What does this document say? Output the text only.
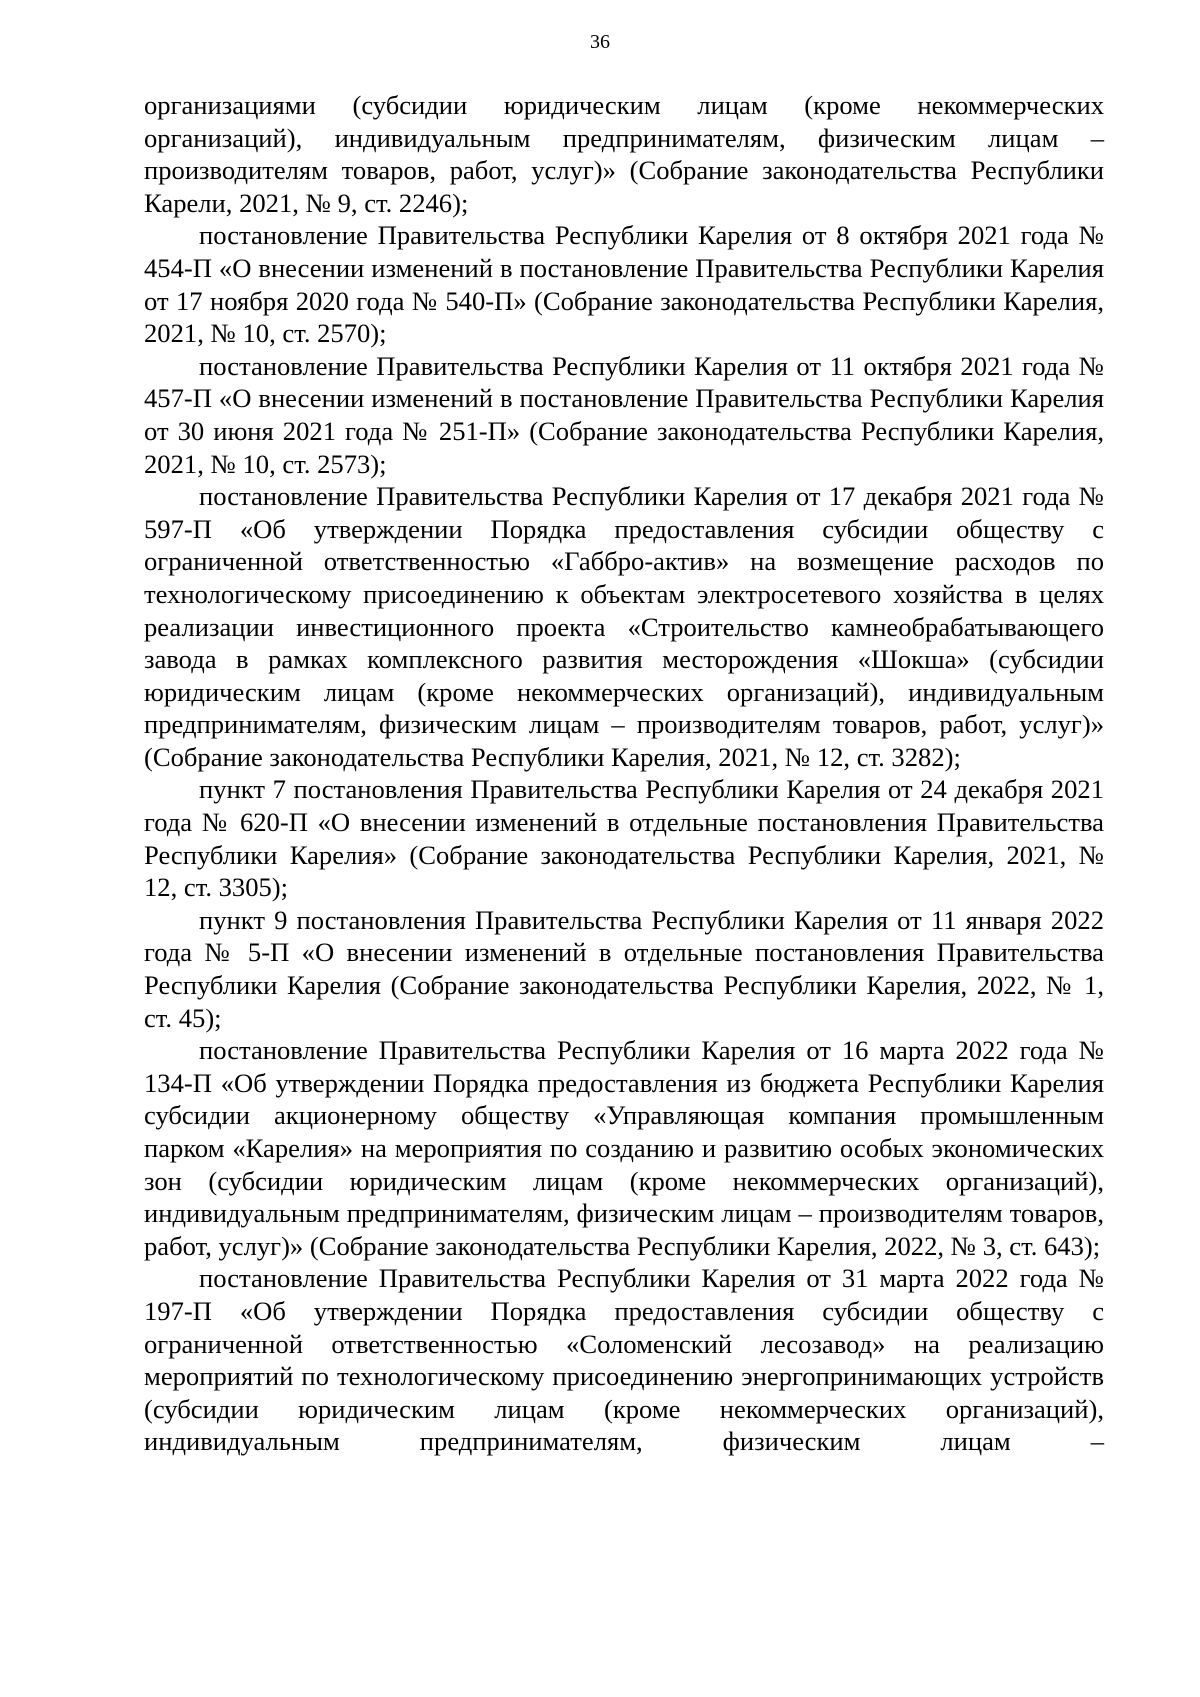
36

организациями (субсидии юридическим лицам (кроме некоммерческих организаций), индивидуальным предпринимателям, физическим лицам – производителям товаров, работ, услуг)» (Собрание законодательства Республики Карели, 2021, № 9, ст. 2246);

постановление Правительства Республики Карелия от 8 октября 2021 года № 454-П «О внесении изменений в постановление Правительства Республики Карелия от 17 ноября 2020 года № 540-П» (Собрание законодательства Республики Карелия, 2021, № 10, ст. 2570);

постановление Правительства Республики Карелия от 11 октября 2021 года № 457-П «О внесении изменений в постановление Правительства Республики Карелия от 30 июня 2021 года № 251-П» (Собрание законодательства Республики Карелия, 2021, № 10, ст. 2573);

постановление Правительства Республики Карелия от 17 декабря 2021 года № 597-П «Об утверждении Порядка предоставления субсидии обществу с ограниченной ответственностью «Габбро-актив» на возмещение расходов по технологическому присоединению к объектам электросетевого хозяйства в целях реализации инвестиционного проекта «Строительство камнеобрабатывающего завода в рамках комплексного развития месторождения «Шокша» (субсидии юридическим лицам (кроме некоммерческих организаций), индивидуальным предпринимателям, физическим лицам – производителям товаров, работ, услуг)» (Собрание законодательства Республики Карелия, 2021, № 12, ст. 3282);

пункт 7 постановления Правительства Республики Карелия от 24 декабря 2021 года № 620-П «О внесении изменений в отдельные постановления Правительства Республики Карелия» (Собрание законодательства Республики Карелия, 2021, № 12, ст. 3305);

пункт 9 постановления Правительства Республики Карелия от 11 января 2022 года № 5-П «О внесении изменений в отдельные постановления Правительства Республики Карелия (Собрание законодательства Республики Карелия, 2022, № 1, ст. 45);

постановление Правительства Республики Карелия от 16 марта 2022 года № 134-П «Об утверждении Порядка предоставления из бюджета Республики Карелия субсидии акционерному обществу «Управляющая компания промышленным парком «Карелия» на мероприятия по созданию и развитию особых экономических зон (субсидии юридическим лицам (кроме некоммерческих организаций), индивидуальным предпринимателям, физическим лицам – производителям товаров, работ, услуг)» (Собрание законодательства Республики Карелия, 2022, № 3, ст. 643);

постановление Правительства Республики Карелия от 31 марта 2022 года № 197-П «Об утверждении Порядка предоставления субсидии обществу с ограниченной ответственностью «Соломенский лесозавод» на реализацию мероприятий по технологическому присоединению энергопринимающих устройств (субсидии юридическим лицам (кроме некоммерческих организаций), индивидуальным предпринимателям, физическим лицам –
